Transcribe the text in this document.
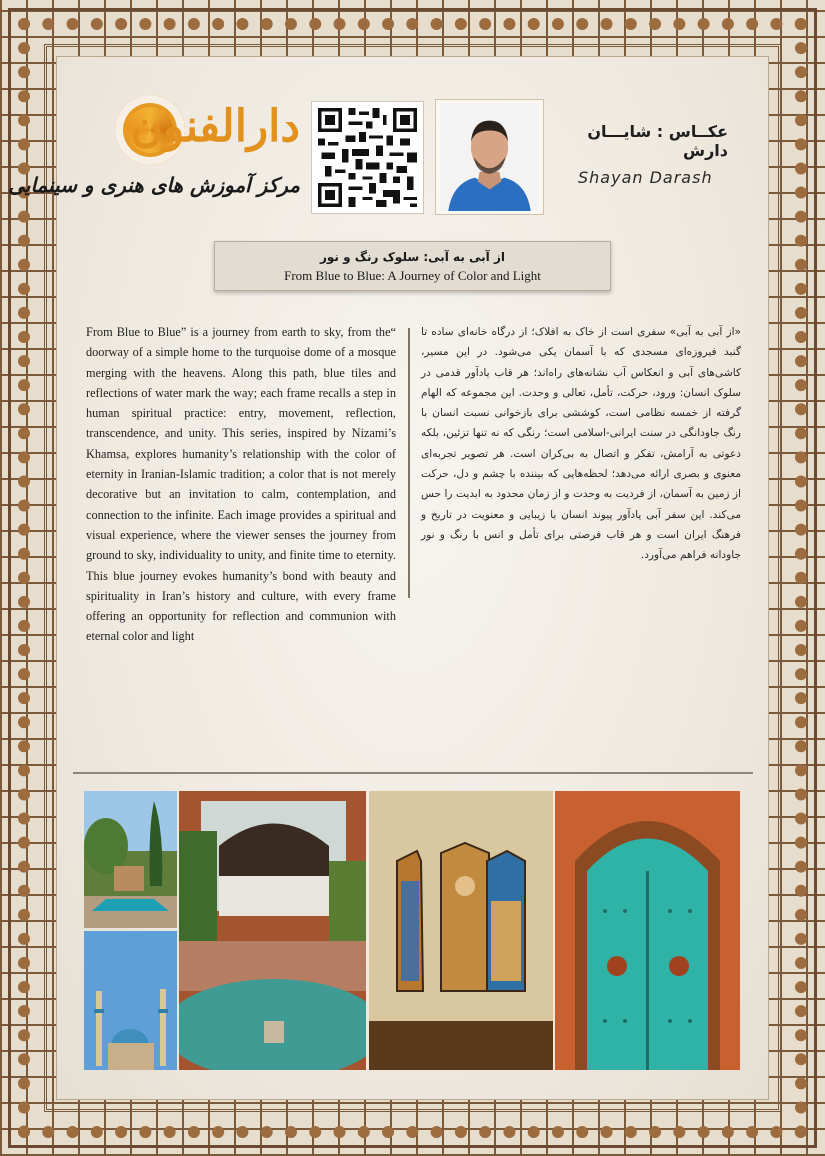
دارالفنون
مرکز آموزش های هنری و سینمایی
عکــاس : شایـــان دارش
Shayan Darash
از آبی به آبی: سلوک رنگ و نور
From Blue to Blue: A Journey of Color and Light
From Blue to Blue” is a journey from earth to sky, from the“ doorway of a simple home to the turquoise dome of a mosque merging with the heavens. Along this path, blue tiles and reflections of water mark the way; each frame recalls a step in human spiritual practice: entry, movement, reflection, transcendence, and unity. This series, inspired by Nizami’s Khamsa, explores humanity’s relationship with the color of eternity in Iranian-Islamic tradition; a color that is not merely decorative but an invitation to calm, contemplation, and connection to the infinite. Each image provides a spiritual and visual experience, where the viewer senses the journey from ground to sky, individuality to unity, and finite time to eternity. This blue journey evokes humanity’s bond with beauty and spirituality in Iran’s history and culture, with every frame offering an opportunity for reflection and communion with eternal color and light
«از آبی به آبی» سفری است از خاک به افلاک؛ از درگاه خانه‌ای ساده تا گنبد فیروزه‌ای مسجدی که با آسمان یکی می‌شود. در این مسیر، کاشی‌های آبی و انعکاس آب نشانه‌های راه‌اند؛ هر قاب یادآور قدمی در سلوک انسان: ورود، حرکت، تأمل، تعالی و وحدت. این مجموعه که الهام گرفته از خمسه نظامی است، کوششی برای بازخوانی نسبت انسان با رنگ جاودانگی در سنت ایرانی-اسلامی است؛ رنگی که نه تنها تزئین، بلکه دعوتی به آرامش، تفکر و اتصال به بی‌کران است. هر تصویر تجربه‌ای معنوی و بصری ارائه می‌دهد؛ لحظه‌هایی که بیننده با چشم و دل، حرکت از زمین به آسمان، از فردیت به وحدت و از زمان محدود به ابدیت را حس می‌کند. این سفر آبی یادآور پیوند انسان با زیبایی و معنویت در تاریخ و فرهنگ ایران است و هر قاب فرصتی برای تأمل و انس با رنگ و نور جاودانه فراهم می‌آورد.
